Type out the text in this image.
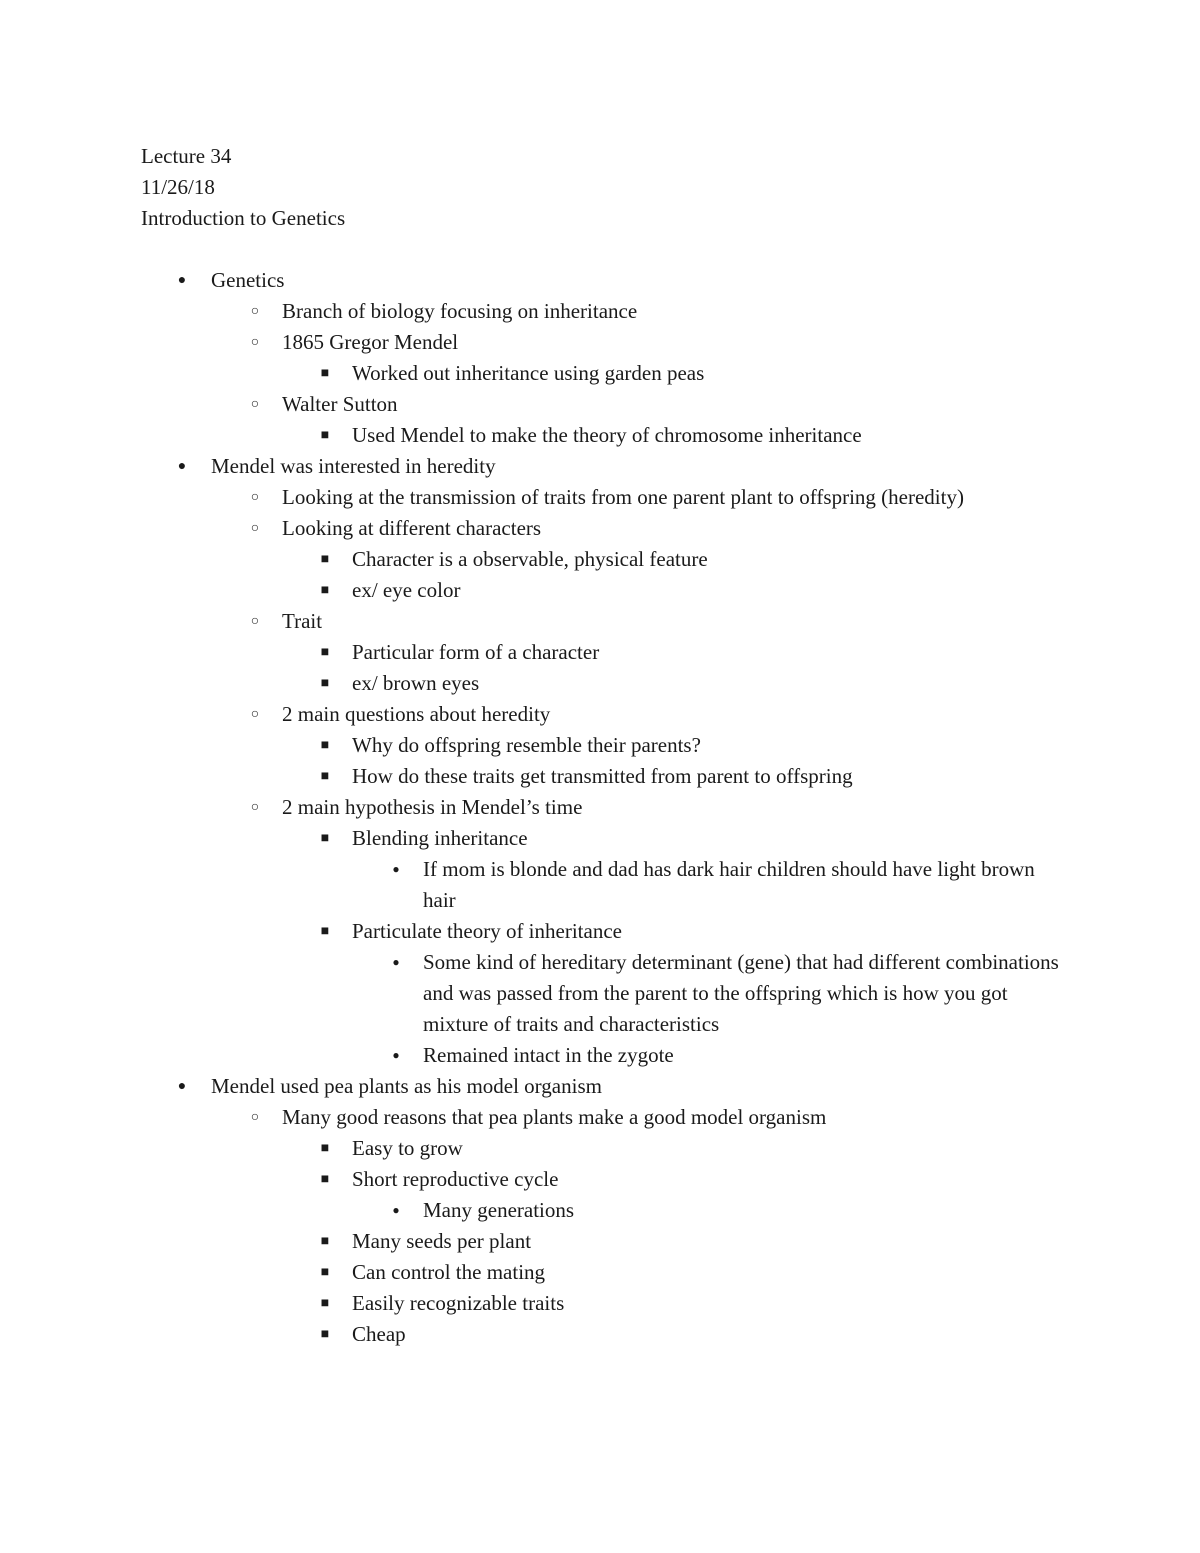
Lecture 34
11/26/18
Introduction to Genetics
● Genetics
○ Branch of biology focusing on inheritance
○ 1865 Gregor Mendel
■ Worked out inheritance using garden peas
○ Walter Sutton
■ Used Mendel to make the theory of chromosome inheritance
● Mendel was interested in heredity
○ Looking at the transmission of traits from one parent plant to offspring (heredity)
○ Looking at different characters
■ Character is a observable, physical feature
■ ex/ eye color
○ Trait
■ Particular form of a character
■ ex/ brown eyes
○ 2 main questions about heredity
■ Why do offspring resemble their parents?
■ How do these traits get transmitted from parent to offspring
○ 2 main hypothesis in Mendel’s time
■ Blending inheritance
●	If mom is blonde and dad has dark hair children should have light brown hair
■ Particulate theory of inheritance
●	Some kind of hereditary determinant (gene) that had different combinations and was passed from the parent to the offspring which is how you got mixture of traits and characteristics
●	Remained intact in the zygote
● Mendel used pea plants as his model organism
○ Many good reasons that pea plants make a good model organism
■ Easy to grow
■ Short reproductive cycle
●	Many generations
■ Many seeds per plant
■ Can control the mating
■ Easily recognizable traits
■ Cheap
